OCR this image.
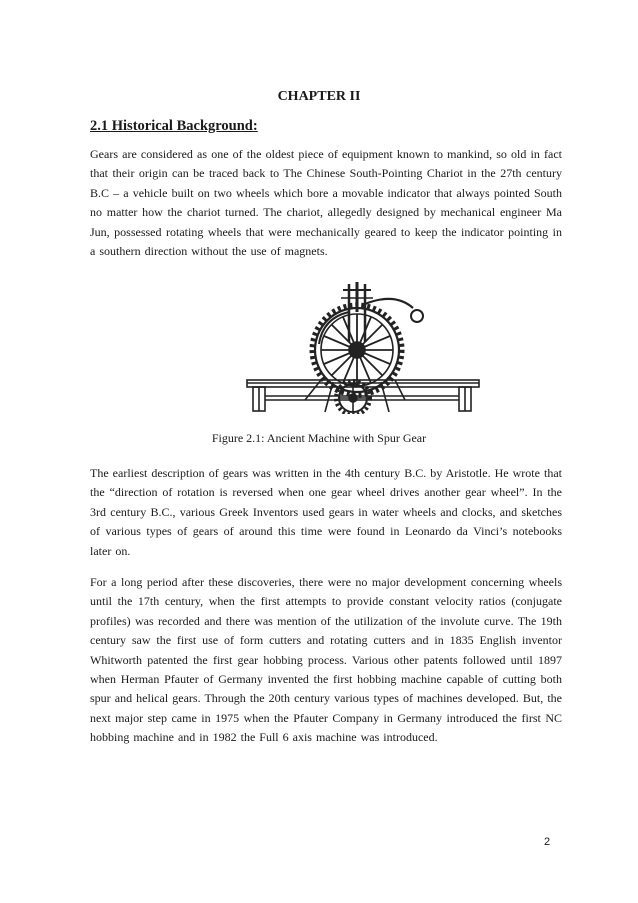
CHAPTER II
2.1 Historical Background:

Gears are considered as one of the oldest piece of equipment known to mankind, so old in fact that their origin can be traced back to The Chinese South-Pointing Chariot in the 27th century B.C – a vehicle built on two wheels which bore a movable indicator that always pointed South no matter how the chariot turned. The chariot, allegedly designed by mechanical engineer Ma Jun, possessed rotating wheels that were mechanically geared to keep the indicator pointing in a southern direction without the use of magnets.

Figure 2.1: Ancient Machine with Spur Gear

The earliest description of gears was written in the 4th century B.C. by Aristotle. He wrote that the “direction of rotation is reversed when one gear wheel drives another gear wheel”. In the 3rd century B.C., various Greek Inventors used gears in water wheels and clocks, and sketches of various types of gears of around this time were found in Leonardo da Vinci’s notebooks later on.

For a long period after these discoveries, there were no major development concerning wheels until the 17th century, when the first attempts to provide constant velocity ratios (conjugate profiles) was recorded and there was mention of the utilization of the involute curve. The 19th century saw the first use of form cutters and rotating cutters and in 1835 English inventor Whitworth patented the first gear hobbing process. Various other patents followed until 1897 when Herman Pfauter of Germany invented the first hobbing machine capable of cutting both spur and helical gears. Through the 20th century various types of machines developed. But, the next major step came in 1975 when the Pfauter Company in Germany introduced the first NC hobbing machine and in 1982 the Full 6 axis machine was introduced.

2
